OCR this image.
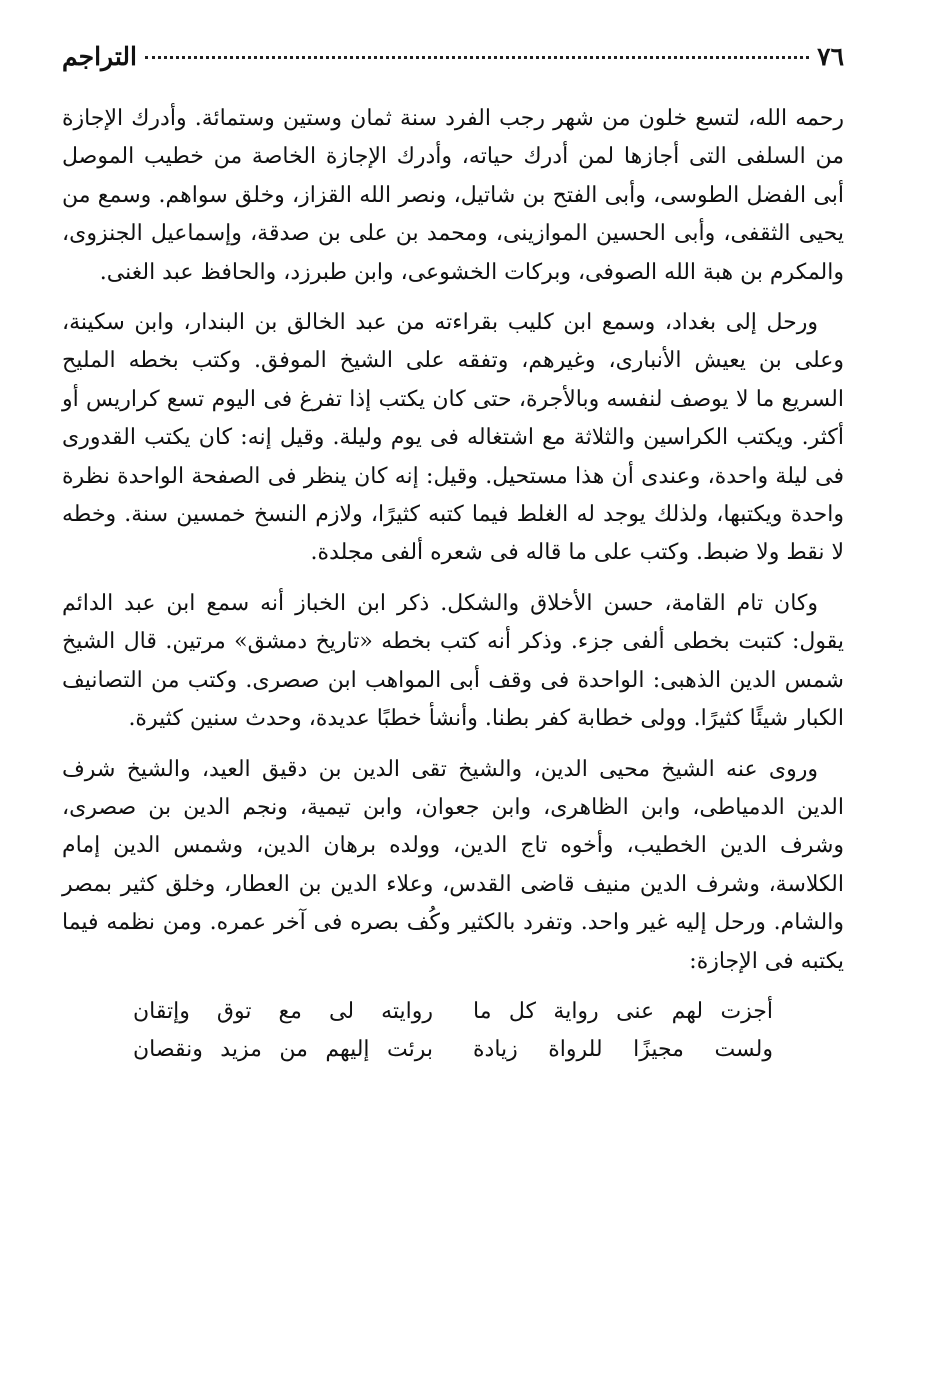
٧٦
التراجم

رحمه الله، لتسع خلون من شهر رجب الفرد سنة ثمان وستين وستمائة. وأدرك الإجازة من السلفى التى أجازها لمن أدرك حياته، وأدرك الإجازة الخاصة من خطيب الموصل أبى الفضل الطوسى، وأبى الفتح بن شاتيل، ونصر الله القزاز، وخلق سواهم. وسمع من يحيى الثقفى، وأبى الحسين الموازينى، ومحمد بن على بن صدقة، وإسماعيل الجنزوى، والمكرم بن هبة الله الصوفى، وبركات الخشوعى، وابن طبرزد، والحافظ عبد الغنى.

ورحل إلى بغداد، وسمع ابن كليب بقراءته من عبد الخالق بن البندار، وابن سكينة، وعلى بن يعيش الأنبارى، وغيرهم، وتفقه على الشيخ الموفق. وكتب بخطه المليح السريع ما لا يوصف لنفسه وبالأجرة، حتى كان يكتب إذا تفرغ فى اليوم تسع كراريس أو أكثر. ويكتب الكراسين والثلاثة مع اشتغاله فى يوم وليلة. وقيل إنه: كان يكتب القدورى فى ليلة واحدة، وعندى أن هذا مستحيل. وقيل: إنه كان ينظر فى الصفحة الواحدة نظرة واحدة ويكتبها، ولذلك يوجد له الغلط فيما كتبه كثيرًا، ولازم النسخ خمسين سنة. وخطه لا نقط ولا ضبط. وكتب على ما قاله فى شعره ألفى مجلدة.

وكان تام القامة، حسن الأخلاق والشكل. ذكر ابن الخباز أنه سمع ابن عبد الدائم يقول: كتبت بخطى ألفى جزء. وذكر أنه كتب بخطه «تاريخ دمشق» مرتين. قال الشيخ شمس الدين الذهبى: الواحدة فى وقف أبى المواهب ابن صصرى. وكتب من التصانيف الكبار شيئًا كثيرًا. وولى خطابة كفر بطنا. وأنشأ خطبًا عديدة، وحدث سنين كثيرة.

وروى عنه الشيخ محيى الدين، والشيخ تقى الدين بن دقيق العيد، والشيخ شرف الدين الدمياطى، وابن الظاهرى، وابن جعوان، وابن تيمية، ونجم الدين بن صصرى، وشرف الدين الخطيب، وأخوه تاج الدين، وولده برهان الدين، وشمس الدين إمام الكلاسة، وشرف الدين منيف قاضى القدس، وعلاء الدين بن العطار، وخلق كثير بمصر والشام. ورحل إليه غير واحد. وتفرد بالكثير وكُف بصره فى آخر عمره. ومن نظمه فيما يكتبه فى الإجازة:

أجزت لهم عنى رواية كل ما
روايته لى مع توق وإتقان
ولست مجيزًا للرواة زيادة
برئت إليهم من مزيد ونقصان
